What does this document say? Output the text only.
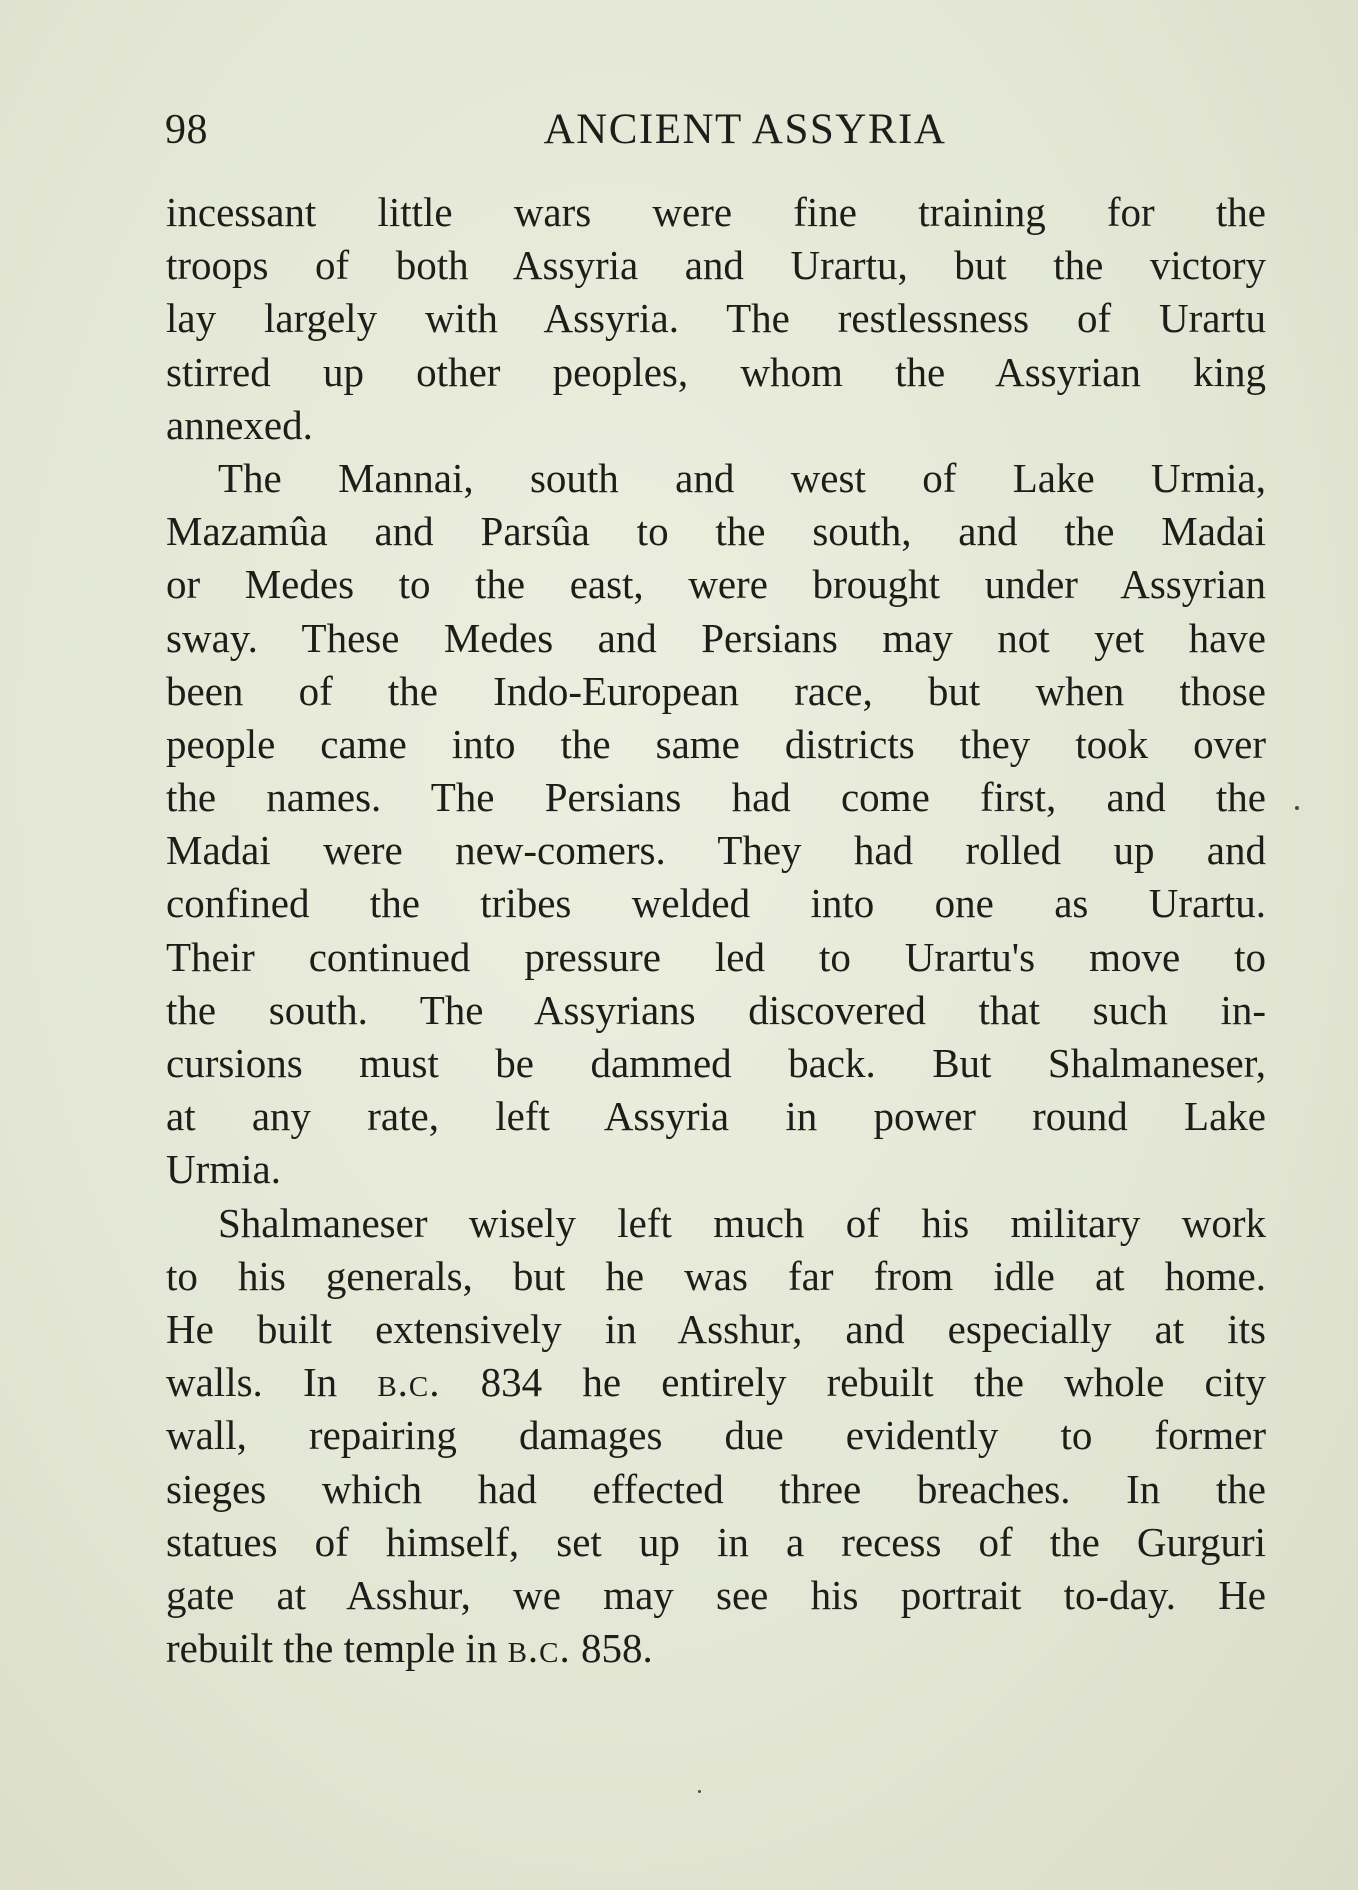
98	ANCIENT ASSYRIA
incessant little wars were fine training for the
troops of both Assyria and Urartu, but the victory
lay largely with Assyria. The restlessness of Urartu
stirred up other peoples, whom the Assyrian king
annexed.
The Mannai, south and west of Lake Urmia,
Mazamûa and Parsûa to the south, and the Madai
or Medes to the east, were brought under Assyrian
sway. These Medes and Persians may not yet have
been of the Indo-European race, but when those
people came into the same districts they took over
the names. The Persians had come first, and the
Madai were new-comers. They had rolled up and
confined the tribes welded into one as Urartu.
Their continued pressure led to Urartu's move to
the south. The Assyrians discovered that such in-
cursions must be dammed back. But Shalmaneser,
at any rate, left Assyria in power round Lake
Urmia.
Shalmaneser wisely left much of his military work
to his generals, but he was far from idle at home.
He built extensively in Asshur, and especially at its
walls. In b.c. 834 he entirely rebuilt the whole city
wall, repairing damages due evidently to former
sieges which had effected three breaches. In the
statues of himself, set up in a recess of the Gurguri
gate at Asshur, we may see his portrait to-day. He
rebuilt the temple in b.c. 858.
